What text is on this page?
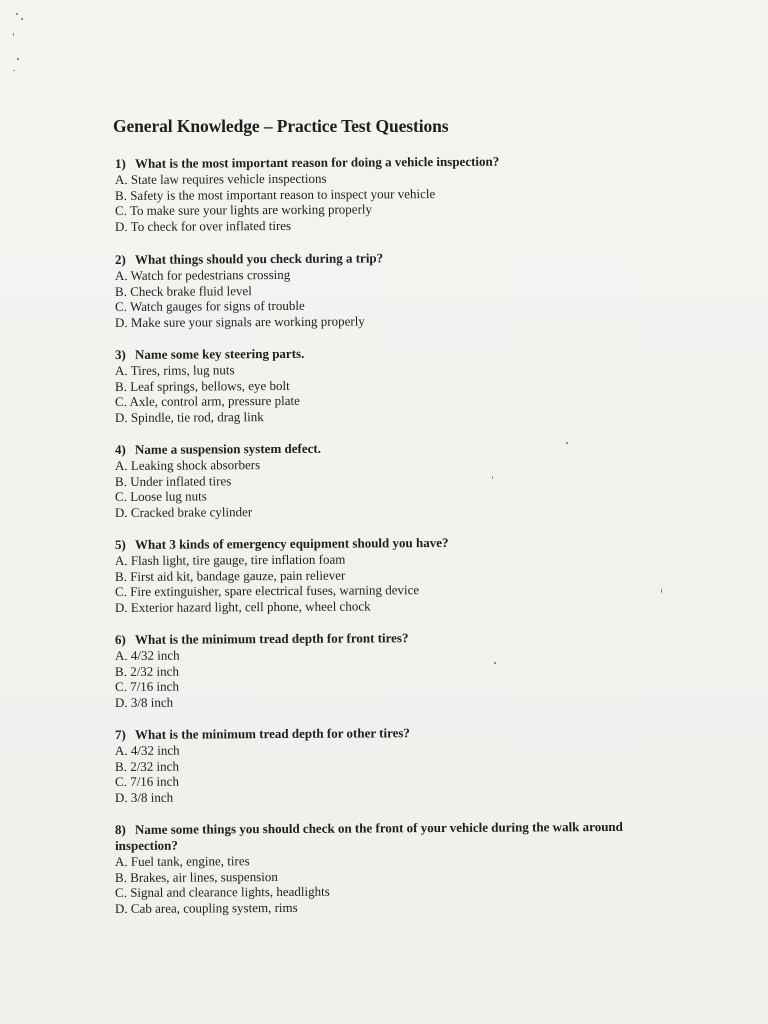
General Knowledge – Practice Test Questions
1) What is the most important reason for doing a vehicle inspection?
A. State law requires vehicle inspections
B. Safety is the most important reason to inspect your vehicle
C. To make sure your lights are working properly
D. To check for over inflated tires
2) What things should you check during a trip?
A. Watch for pedestrians crossing
B. Check brake fluid level
C. Watch gauges for signs of trouble
D. Make sure your signals are working properly
3) Name some key steering parts.
A. Tires, rims, lug nuts
B. Leaf springs, bellows, eye bolt
C. Axle, control arm, pressure plate
D. Spindle, tie rod, drag link
4) Name a suspension system defect.
A. Leaking shock absorbers
B. Under inflated tires
C. Loose lug nuts
D. Cracked brake cylinder
5) What 3 kinds of emergency equipment should you have?
A. Flash light, tire gauge, tire inflation foam
B. First aid kit, bandage gauze, pain reliever
C. Fire extinguisher, spare electrical fuses, warning device
D. Exterior hazard light, cell phone, wheel chock
6) What is the minimum tread depth for front tires?
A. 4/32 inch
B. 2/32 inch
C. 7/16 inch
D. 3/8 inch
7) What is the minimum tread depth for other tires?
A. 4/32 inch
B. 2/32 inch
C. 7/16 inch
D. 3/8 inch
8) Name some things you should check on the front of your vehicle during the walk around inspection?
A. Fuel tank, engine, tires
B. Brakes, air lines, suspension
C. Signal and clearance lights, headlights
D. Cab area, coupling system, rims
